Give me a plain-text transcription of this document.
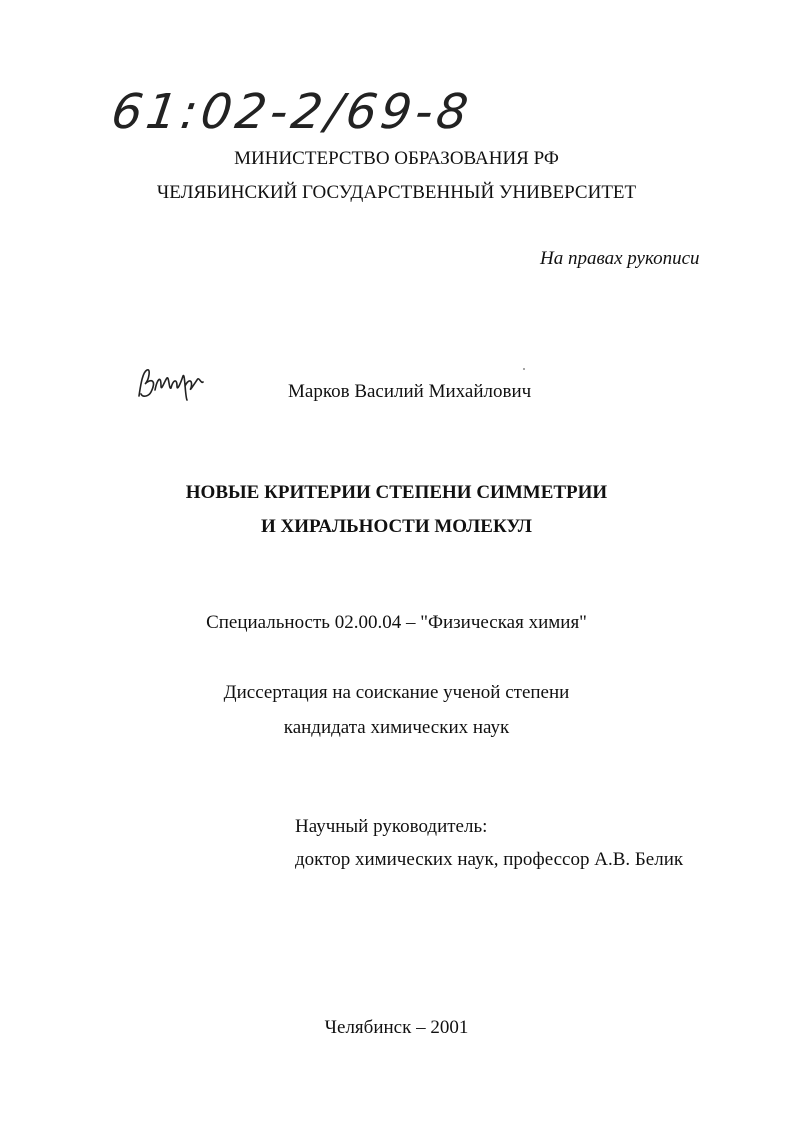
61:02-2/69-8
МИНИСТЕРСТВО ОБРАЗОВАНИЯ РФ
ЧЕЛЯБИНСКИЙ ГОСУДАРСТВЕННЫЙ УНИВЕРСИТЕТ
На правах рукописи
Марков Василий Михайлович
НОВЫЕ КРИТЕРИИ СТЕПЕНИ СИММЕТРИИ
И ХИРАЛЬНОСТИ МОЛЕКУЛ
Специальность 02.00.04 – "Физическая химия"
Диссертация на соискание ученой степени
кандидата химических наук
Научный руководитель:
доктор химических наук, профессор А.В. Белик
Челябинск – 2001
